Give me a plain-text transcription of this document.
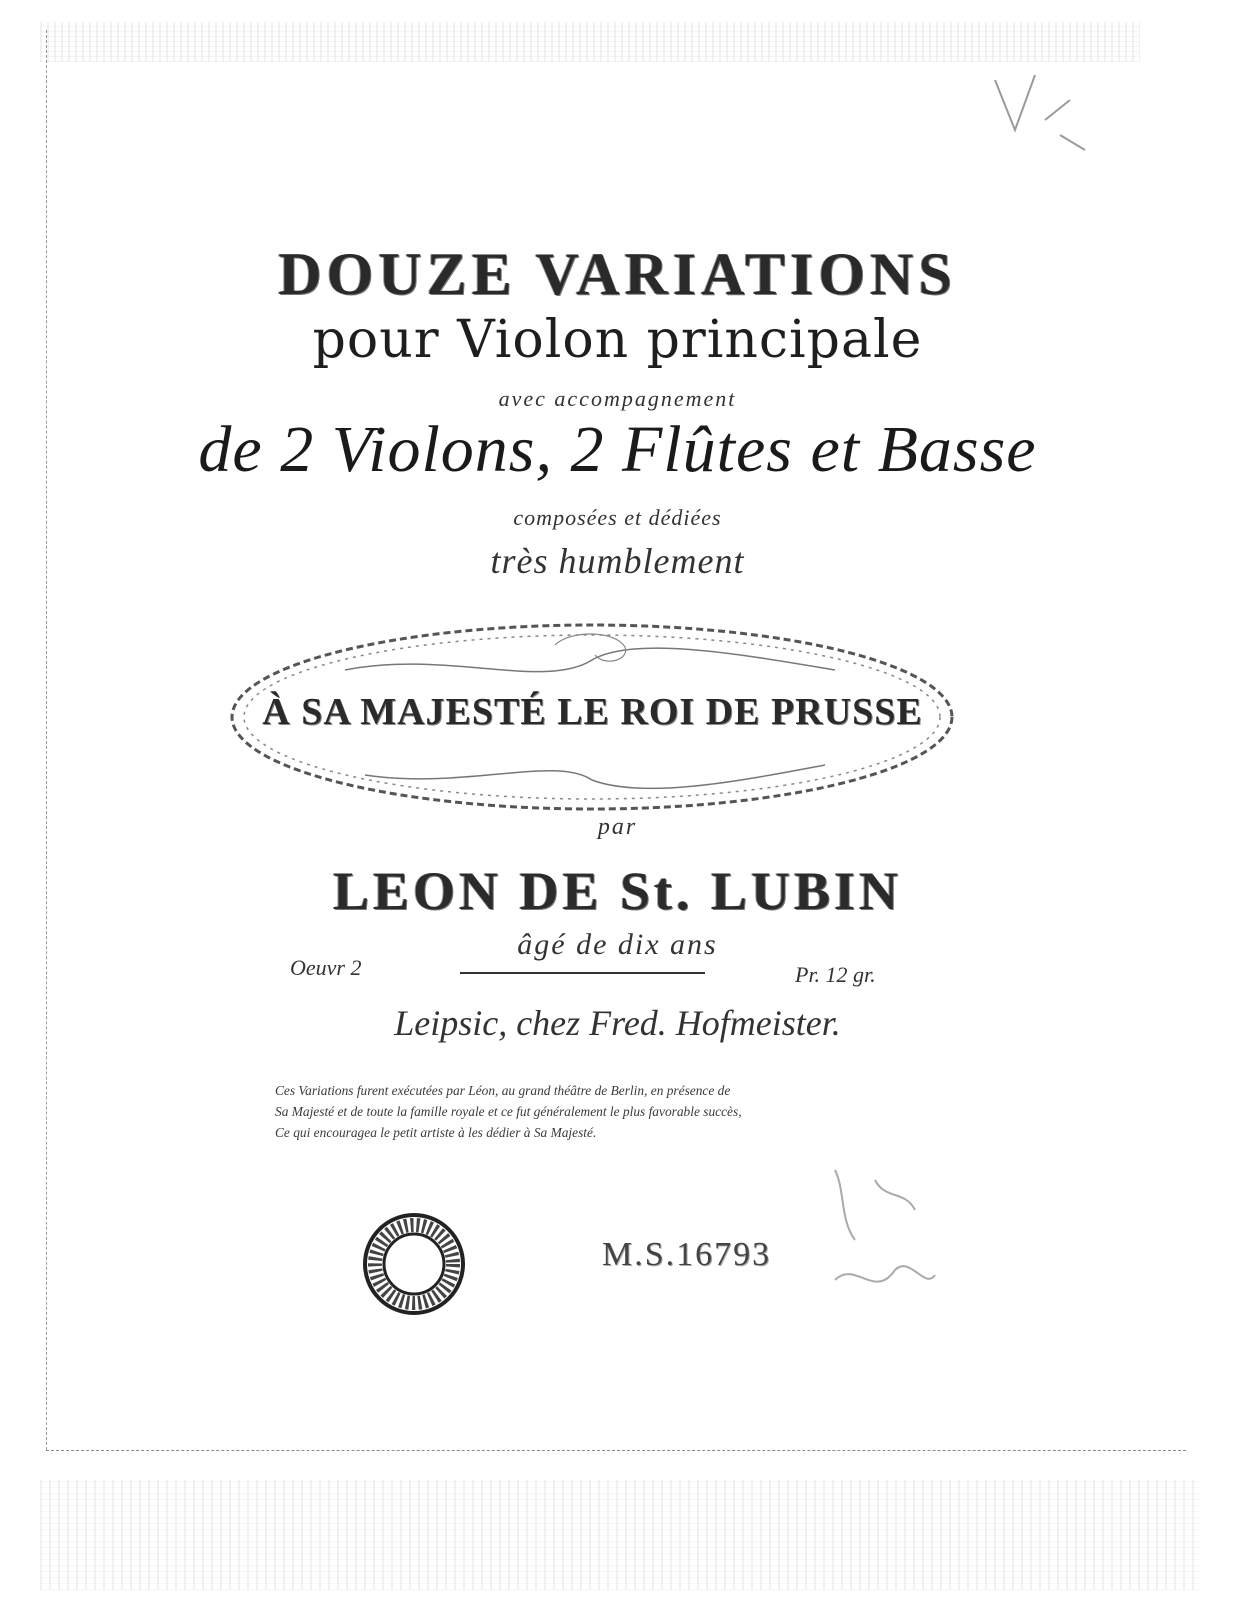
DOUZE VARIATIONS
pour Violon principale
avec accompagnement
de 2 Violons, 2 Flûtes et Basse
composées et dédiées
très humblement
À SA MAJESTÉ LE ROI DE PRUSSE
par
LEON DE St. LUBIN
âgé de dix ans
Oeuvr 2	Pr. 12 gr.
Leipsic, chez Fred. Hofmeister.
Ces Variations furent exécutées par Léon, au grand théâtre de Berlin, en présence de
Sa Majesté et de toute la famille royale et ce fut généralement le plus favorable succès,
Ce qui encouragea le petit artiste à les dédier à Sa Majesté.
M.S.16793
